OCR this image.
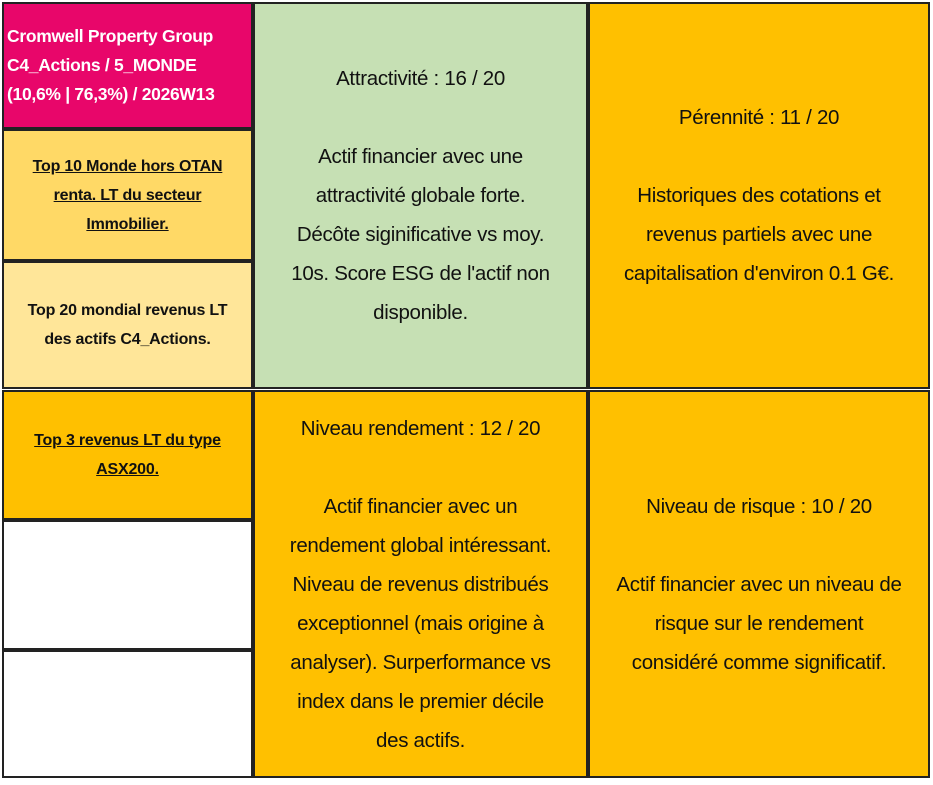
Cromwell Property Group
C4_Actions / 5_MONDE
(10,6% | 76,3%) / 2026W13
Top 10 Monde hors OTAN
renta. LT du secteur
Immobilier.
Top 20 mondial revenus LT
des actifs C4_Actions.
Top 3 revenus LT du type
ASX200.
Attractivité : 16 / 20
Actif financier avec une
attractivité globale forte.
Décôte siginificative vs moy.
10s. Score ESG de l'actif non
disponible.
Pérennité : 11 / 20
Historiques des cotations et
revenus partiels avec une
capitalisation d'environ 0.1 G€.
Niveau rendement : 12 / 20
Actif financier avec un
rendement global intéressant.
Niveau de revenus distribués
exceptionnel (mais origine à
analyser). Surperformance vs
index dans le premier décile
des actifs.
Niveau de risque : 10 / 20
Actif financier avec un niveau de
risque sur le rendement
considéré comme significatif.
